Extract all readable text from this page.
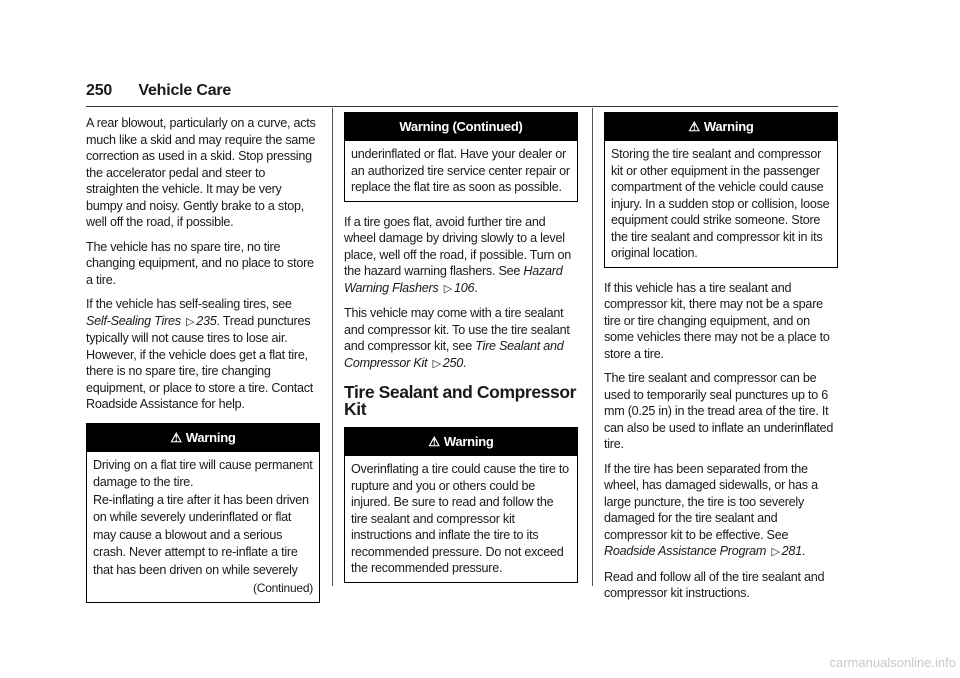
250 Vehicle Care

A rear blowout, particularly on a curve, acts much like a skid and may require the same correction as used in a skid. Stop pressing the accelerator pedal and steer to straighten the vehicle. It may be very bumpy and noisy. Gently brake to a stop, well off the road, if possible.

The vehicle has no spare tire, no tire changing equipment, and no place to store a tire.

If the vehicle has self-sealing tires, see
Self-Sealing Tires ▷ 235. Tread punctures typically will not cause tires to lose air. However, if the vehicle does get a flat tire, there is no spare tire, tire changing equipment, or place to store a tire. Contact Roadside Assistance for help.

⚠ Warning
Driving on a flat tire will cause permanent damage to the tire.
Re-inflating a tire after it has been driven on while severely underinflated or flat may cause a blowout and a serious crash. Never attempt to re-inflate a tire that has been driven on while severely
(Continued)
Warning (Continued)
underinflated or flat. Have your dealer or an authorized tire service center repair or replace the flat tire as soon as possible.

If a tire goes flat, avoid further tire and wheel damage by driving slowly to a level place, well off the road, if possible. Turn on the hazard warning flashers. See Hazard Warning Flashers ▷ 106.

This vehicle may come with a tire sealant and compressor kit. To use the tire sealant and compressor kit, see Tire Sealant and Compressor Kit ▷ 250.

Tire Sealant and Compressor Kit
⚠ Warning
Overinflating a tire could cause the tire to rupture and you or others could be injured. Be sure to read and follow the tire sealant and compressor kit instructions and inflate the tire to its recommended pressure. Do not exceed the recommended pressure.
⚠ Warning
Storing the tire sealant and compressor kit or other equipment in the passenger compartment of the vehicle could cause injury. In a sudden stop or collision, loose equipment could strike someone. Store the tire sealant and compressor kit in its original location.

If this vehicle has a tire sealant and compressor kit, there may not be a spare tire or tire changing equipment, and on some vehicles there may not be a place to store a tire.

The tire sealant and compressor can be used to temporarily seal punctures up to 6 mm (0.25 in) in the tread area of the tire. It can also be used to inflate an underinflated tire.

If the tire has been separated from the wheel, has damaged sidewalls, or has a large puncture, the tire is too severely damaged for the tire sealant and compressor kit to be effective. See Roadside Assistance Program ▷ 281.

Read and follow all of the tire sealant and compressor kit instructions.

carmanualsonline.info
